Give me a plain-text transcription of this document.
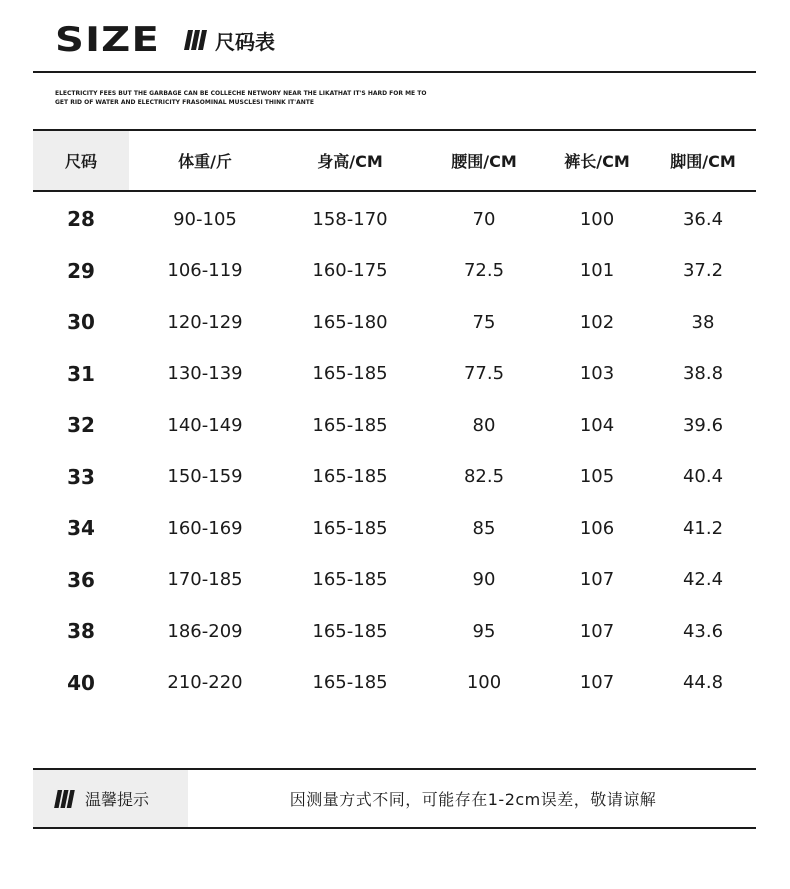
SIZE	尺码表
ELECTRICITY FEES BUT THE GARBAGE CAN BE COLLECHE NETWORY NEAR THE LIKATHAT IT'S HARD FOR ME TO GET RID OF WATER AND ELECTRICITY FRASOMINAL MUSCLESI THINK IT'ANTE
尺码	体重/斤	身高/CM	腰围/CM	裤长/CM	脚围/CM
28	90-105	158-170	70	100	36.4
29	106-119	160-175	72.5	101	37.2
30	120-129	165-180	75	102	38
31	130-139	165-185	77.5	103	38.8
32	140-149	165-185	80	104	39.6
33	150-159	165-185	82.5	105	40.4
34	160-169	165-185	85	106	41.2
36	170-185	165-185	90	107	42.4
38	186-209	165-185	95	107	43.6
40	210-220	165-185	100	107	44.8
温馨提示	因测量方式不同，可能存在1-2cm误差，敬请谅解
